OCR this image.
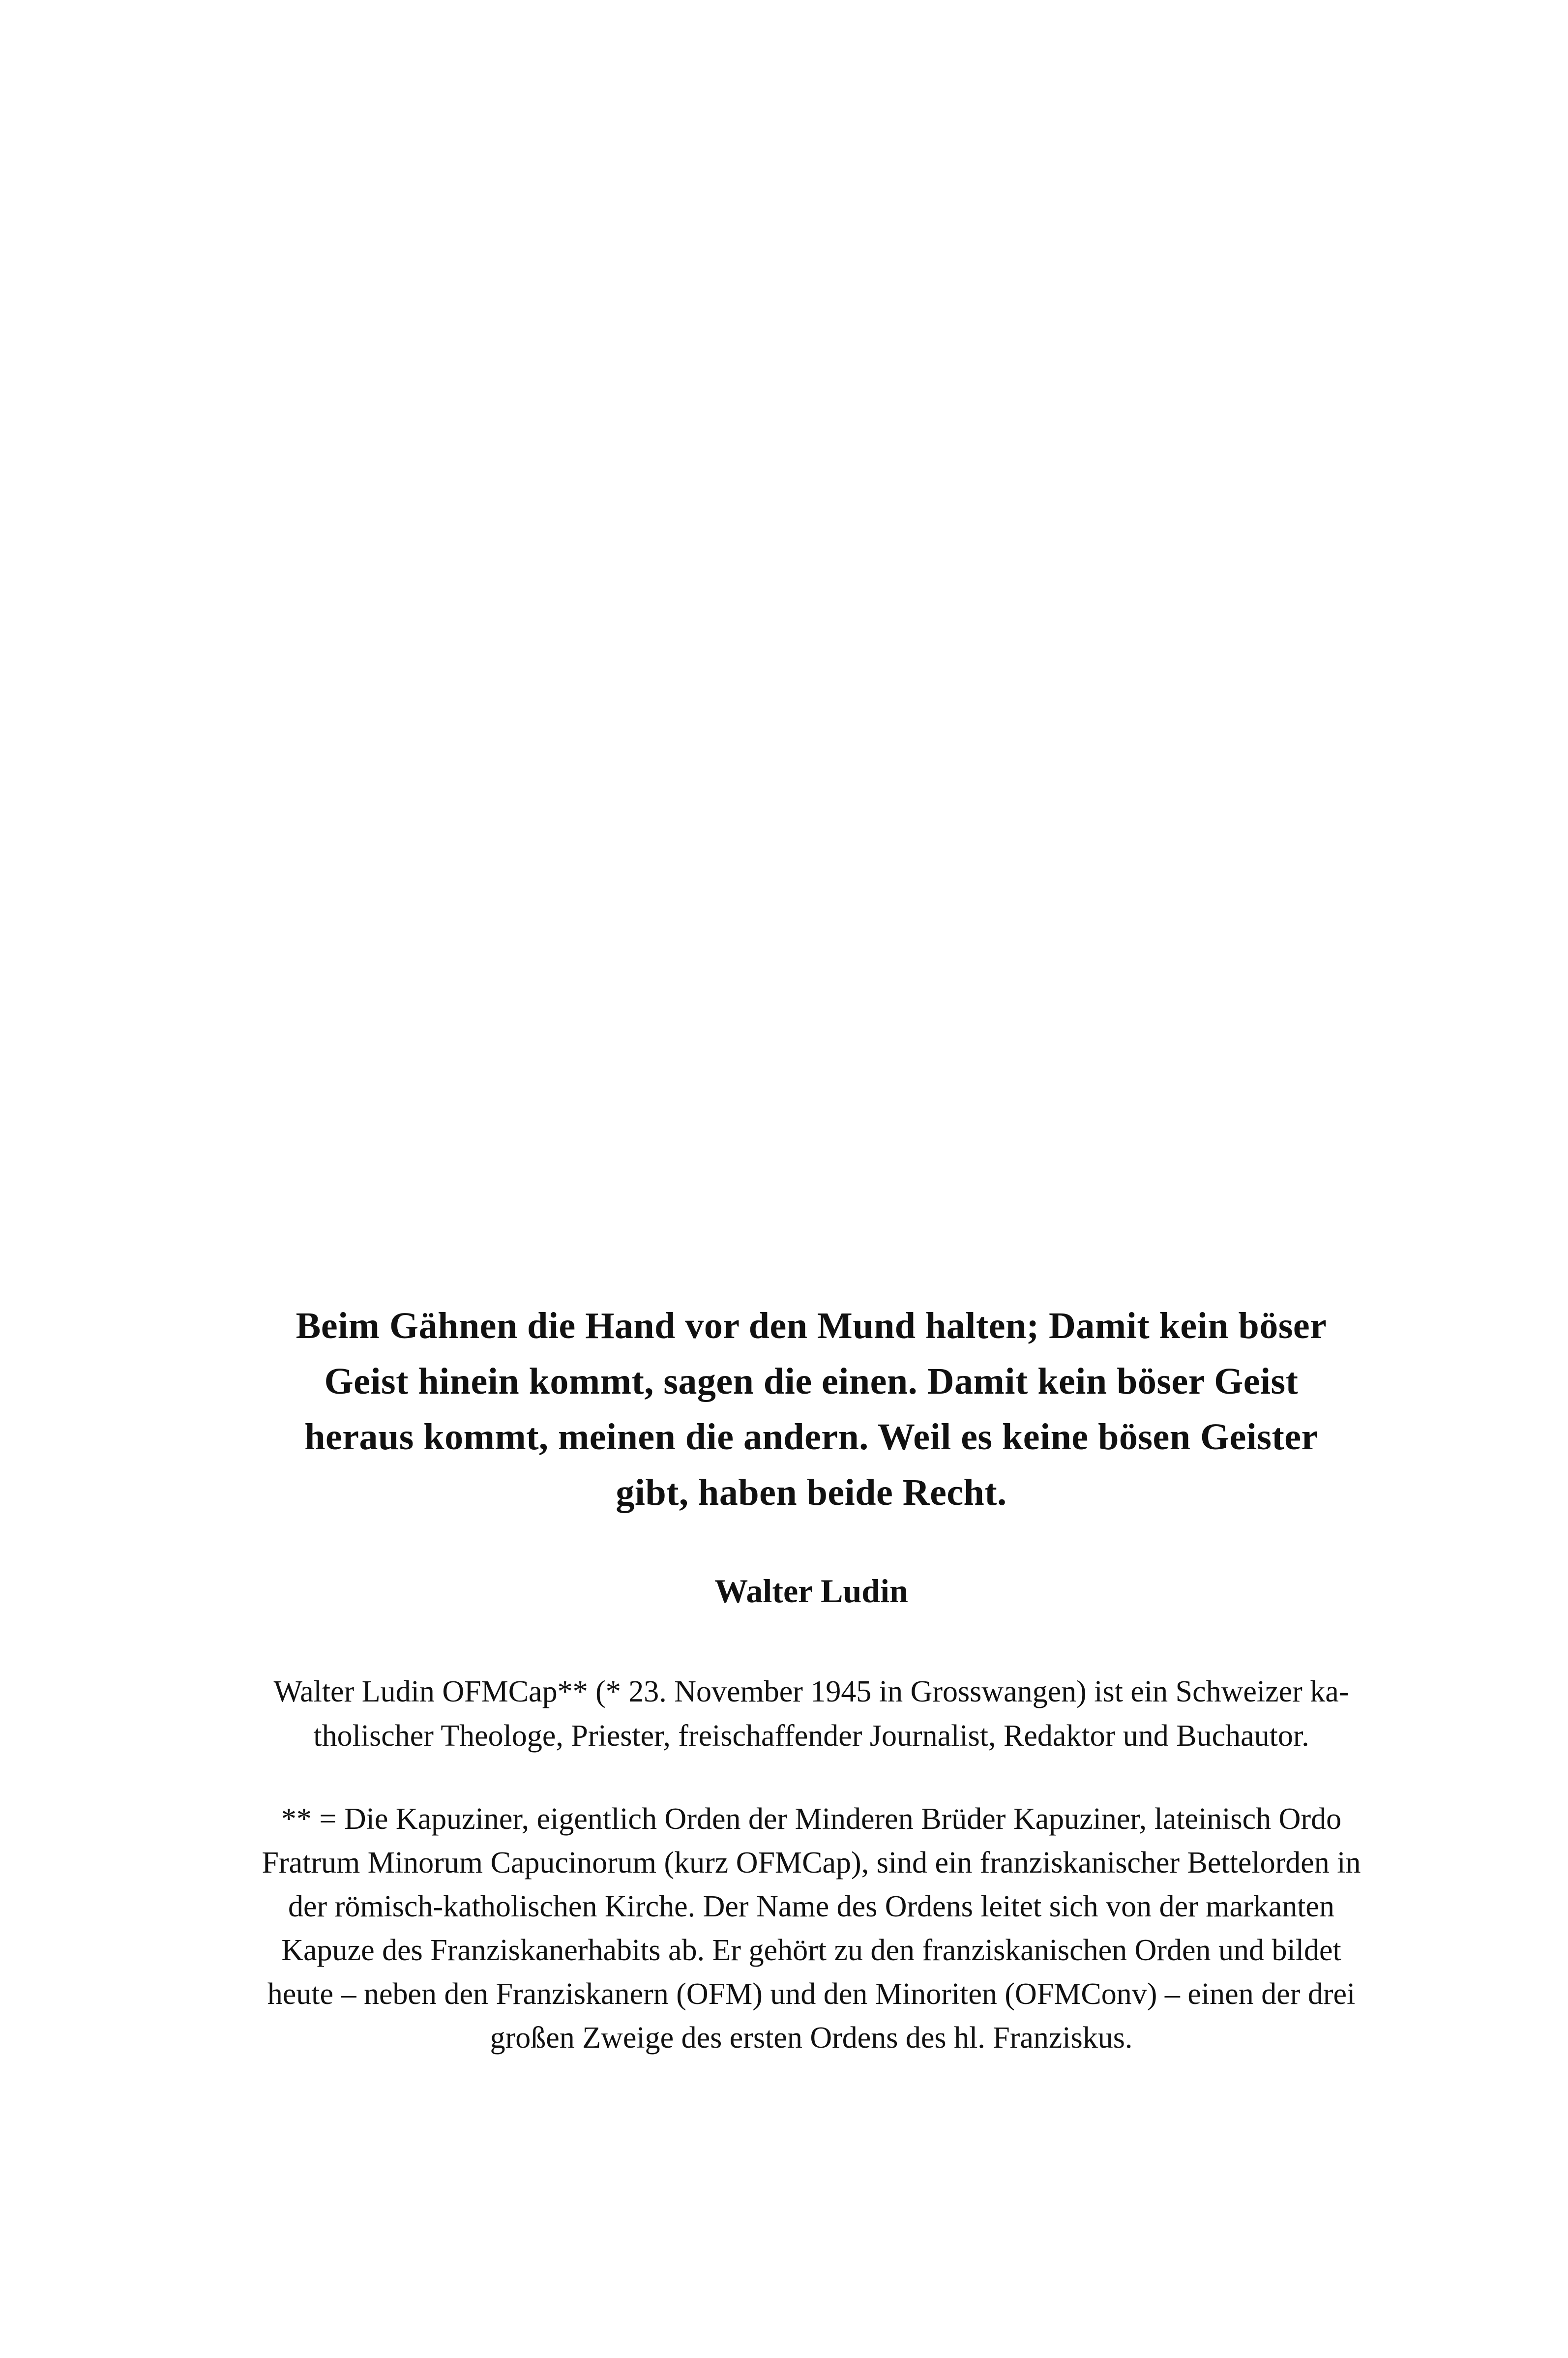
Beim Gähnen die Hand vor den Mund halten; Damit kein böser
Geist hinein kommt, sagen die einen. Damit kein böser Geist
heraus kommt, meinen die andern. Weil es keine bösen Geister
gibt, haben beide Recht.
Walter Ludin
Walter Ludin OFMCap** (* 23. November 1945 in Grosswangen) ist ein Schweizer ka-
tholischer Theologe, Priester, freischaffender Journalist, Redaktor und Buchautor.
** = Die Kapuziner, eigentlich Orden der Minderen Brüder Kapuziner, lateinisch Ordo
Fratrum Minorum Capucinorum (kurz OFMCap), sind ein franziskanischer Bettelorden in
der römisch-katholischen Kirche. Der Name des Ordens leitet sich von der markanten
Kapuze des Franziskanerhabits ab. Er gehört zu den franziskanischen Orden und bildet
heute – neben den Franziskanern (OFM) und den Minoriten (OFMConv) – einen der drei
großen Zweige des ersten Ordens des hl. Franziskus.
